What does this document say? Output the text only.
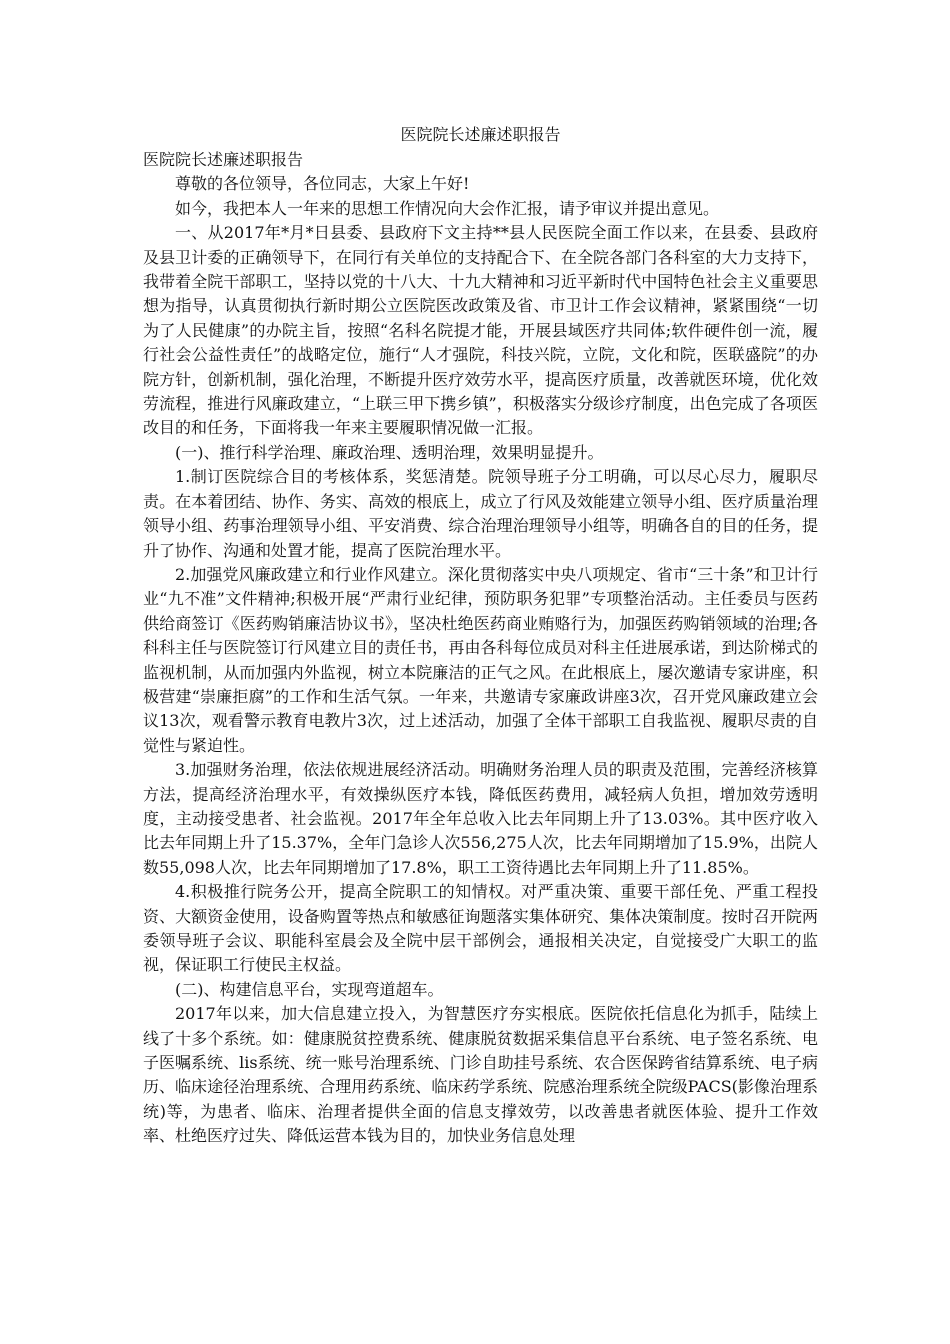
医院院长述廉述职报告

医院院长述廉述职报告

尊敬的各位领导，各位同志，大家上午好!

如今，我把本人一年来的思想工作情况向大会作汇报，请予审议并提出意见。

一、从2017年*月*日县委、县政府下文主持**县人民医院全面工作以来，在县委、县政府及县卫计委的正确领导下，在同行有关单位的支持配合下、在全院各部门各科室的大力支持下，我带着全院干部职工，坚持以党的十八大、十九大精神和习近平新时代中国特色社会主义重要思想为指导，认真贯彻执行新时期公立医院医改政策及省、市卫计工作会议精神，紧紧围绕“一切为了人民健康”的办院主旨，按照“名科名院提才能，开展县域医疗共同体;软件硬件创一流，履行社会公益性责任”的战略定位，施行“人才强院，科技兴院，立院，文化和院，医联盛院”的办院方针，创新机制，强化治理，不断提升医疗效劳水平，提高医疗质量，改善就医环境，优化效劳流程，推进行风廉政建立，“上联三甲下携乡镇”，积极落实分级诊疗制度，出色完成了各项医改目的和任务，下面将我一年来主要履职情况做一汇报。

(一)、推行科学治理、廉政治理、透明治理，效果明显提升。

1.制订医院综合目的考核体系，奖惩清楚。院领导班子分工明确，可以尽心尽力，履职尽责。在本着团结、协作、务实、高效的根底上，成立了行风及效能建立领导小组、医疗质量治理领导小组、药事治理领导小组、平安消费、综合治理治理领导小组等，明确各自的目的任务，提升了协作、沟通和处置才能，提高了医院治理水平。

2.加强党风廉政建立和行业作风建立。深化贯彻落实中央八项规定、省市“三十条”和卫计行业“九不准”文件精神;积极开展“严肃行业纪律，预防职务犯罪”专项整治活动。主任委员与医药供给商签订《医药购销廉洁协议书》，坚决杜绝医药商业贿赂行为，加强医药购销领域的治理;各科科主任与医院签订行风建立目的责任书，再由各科每位成员对科主任进展承诺，到达阶梯式的监视机制，从而加强内外监视，树立本院廉洁的正气之风。在此根底上，屡次邀请专家讲座，积极营建“崇廉拒腐”的工作和生活气氛。一年来，共邀请专家廉政讲座3次，召开党风廉政建立会议13次，观看警示教育电教片3次，过上述活动，加强了全体干部职工自我监视、履职尽责的自觉性与紧迫性。

3.加强财务治理，依法依规进展经济活动。明确财务治理人员的职责及范围，完善经济核算方法，提高经济治理水平，有效操纵医疗本钱，降低医药费用，减轻病人负担，增加效劳透明度，主动接受患者、社会监视。2017年全年总收入比去年同期上升了13.03%。其中医疗收入比去年同期上升了15.37%，全年门急诊人次556,275人次，比去年同期增加了15.9%，出院人数55,098人次，比去年同期增加了17.8%，职工工资待遇比去年同期上升了11.85%。

4.积极推行院务公开，提高全院职工的知情权。对严重决策、重要干部任免、严重工程投资、大额资金使用，设备购置等热点和敏感征询题落实集体研究、集体决策制度。按时召开院两委领导班子会议、职能科室晨会及全院中层干部例会，通报相关决定，自觉接受广大职工的监视，保证职工行使民主权益。

(二)、构建信息平台，实现弯道超车。

2017年以来，加大信息建立投入，为智慧医疗夯实根底。医院依托信息化为抓手，陆续上线了十多个系统。如：健康脱贫控费系统、健康脱贫数据采集信息平台系统、电子签名系统、电子医嘱系统、lis系统、统一账号治理系统、门诊自助挂号系统、农合医保跨省结算系统、电子病历、临床途径治理系统、合理用药系统、临床药学系统、院感治理系统全院级PACS(影像治理系统)等，为患者、临床、治理者提供全面的信息支撑效劳，以改善患者就医体验、提升工作效率、杜绝医疗过失、降低运营本钱为目的，加快业务信息处理
